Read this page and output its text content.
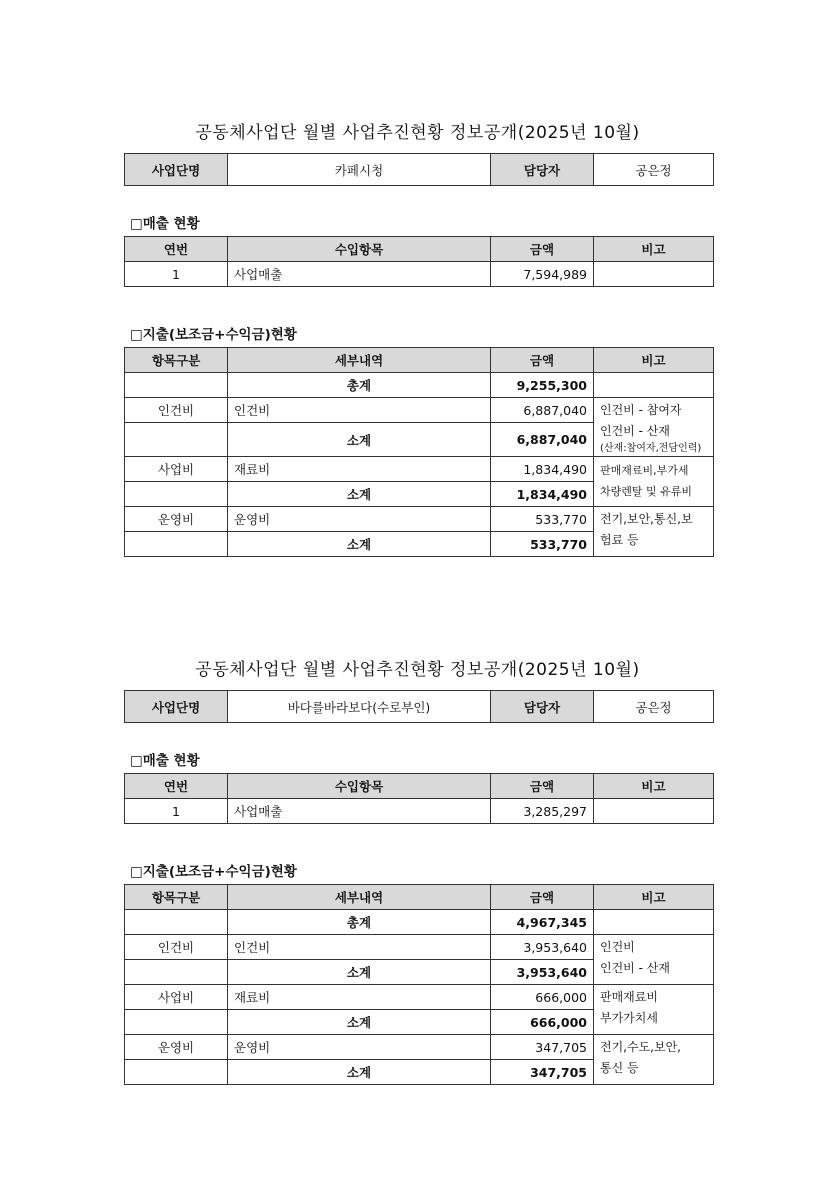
공동체사업단 월별 사업추진현황 정보공개(2025년 10월)
사업단명	카페시청	담당자	공은정
□매출 현황
연번	수입항목	금액	비고
1	사업매출	7,594,989	
□지출(보조금+수익금)현황
항목구분	세부내역	금액	비고
	총계	9,255,300	
인건비	인건비	6,887,040	인건비 - 참여자
인건비 - 산재
(산재:참여자,전담인력)

	소계	6,887,040	
사업비	재료비	1,834,490	판매재료비,부가세
차량렌탈 및 유류비

	소계	1,834,490	
운영비	운영비	533,770	전기,보안,통신,보
험료 등

	소계	533,770	
공동체사업단 월별 사업추진현황 정보공개(2025년 10월)
사업단명	바다를바라보다(수로부인)	담당자	공은정
□매출 현황
연번	수입항목	금액	비고
1	사업매출	3,285,297	
□지출(보조금+수익금)현황
항목구분	세부내역	금액	비고
	총계	4,967,345	
인건비	인건비	3,953,640	인건비
인건비 - 산재

	소계	3,953,640	
사업비	재료비	666,000	판매재료비
부가가치세

	소계	666,000	
운영비	운영비	347,705	전기,수도,보안,
통신 등

	소계	347,705	
